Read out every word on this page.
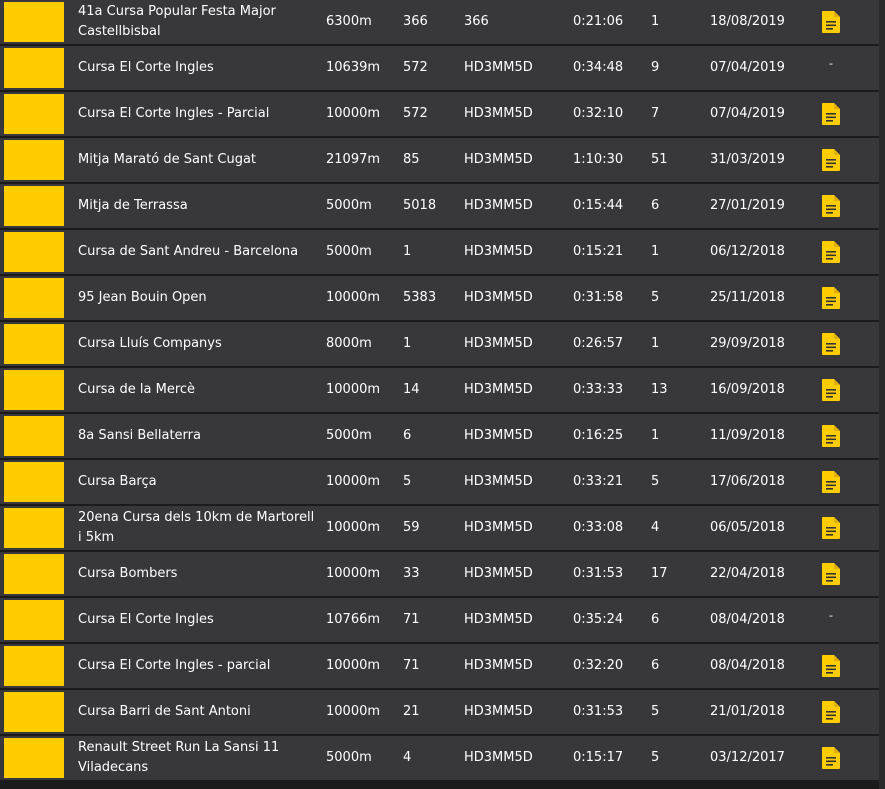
41a Cursa Popular Festa Major Castellbisbal
6300m 366	366	0:21:06 1	18/08/2019
Cursa El Corte Ingles	10639m 572	HD3MM5D	0:34:48 9	07/04/2019	-
Cursa El Corte Ingles - Parcial	10000m 572	HD3MM5D	0:32:10 7	07/04/2019
Mitja Marató de Sant Cugat	21097m 85	HD3MM5D	1:10:30 51	31/03/2019
Mitja de Terrassa	5000m 5018 HD3MM5D	0:15:44 6	27/01/2019
Cursa de Sant Andreu - Barcelona	5000m 1	HD3MM5D	0:15:21 1	06/12/2018
95 Jean Bouin Open	10000m 5383 HD3MM5D	0:31:58 5	25/11/2018
Cursa Lluís Companys	8000m 1	HD3MM5D	0:26:57 1	29/09/2018
Cursa de la Mercè	10000m 14	HD3MM5D	0:33:33 13	16/09/2018
8a Sansi Bellaterra	5000m 6	HD3MM5D	0:16:25 1	11/09/2018
Cursa Barça	10000m 5	HD3MM5D	0:33:21 5	17/06/2018
20ena Cursa dels 10km de Martorell i 5km
10000m 59	HD3MM5D	0:33:08 4	06/05/2018
Cursa Bombers	10000m 33	HD3MM5D	0:31:53 17	22/04/2018
Cursa El Corte Ingles	10766m 71	HD3MM5D	0:35:24 6	08/04/2018	-
Cursa El Corte Ingles - parcial	10000m 71	HD3MM5D	0:32:20 6	08/04/2018
Cursa Barri de Sant Antoni	10000m 21	HD3MM5D	0:31:53 5	21/01/2018
Renault Street Run La Sansi 11 Viladecans
5000m 4	HD3MM5D	0:15:17 5	03/12/2017
